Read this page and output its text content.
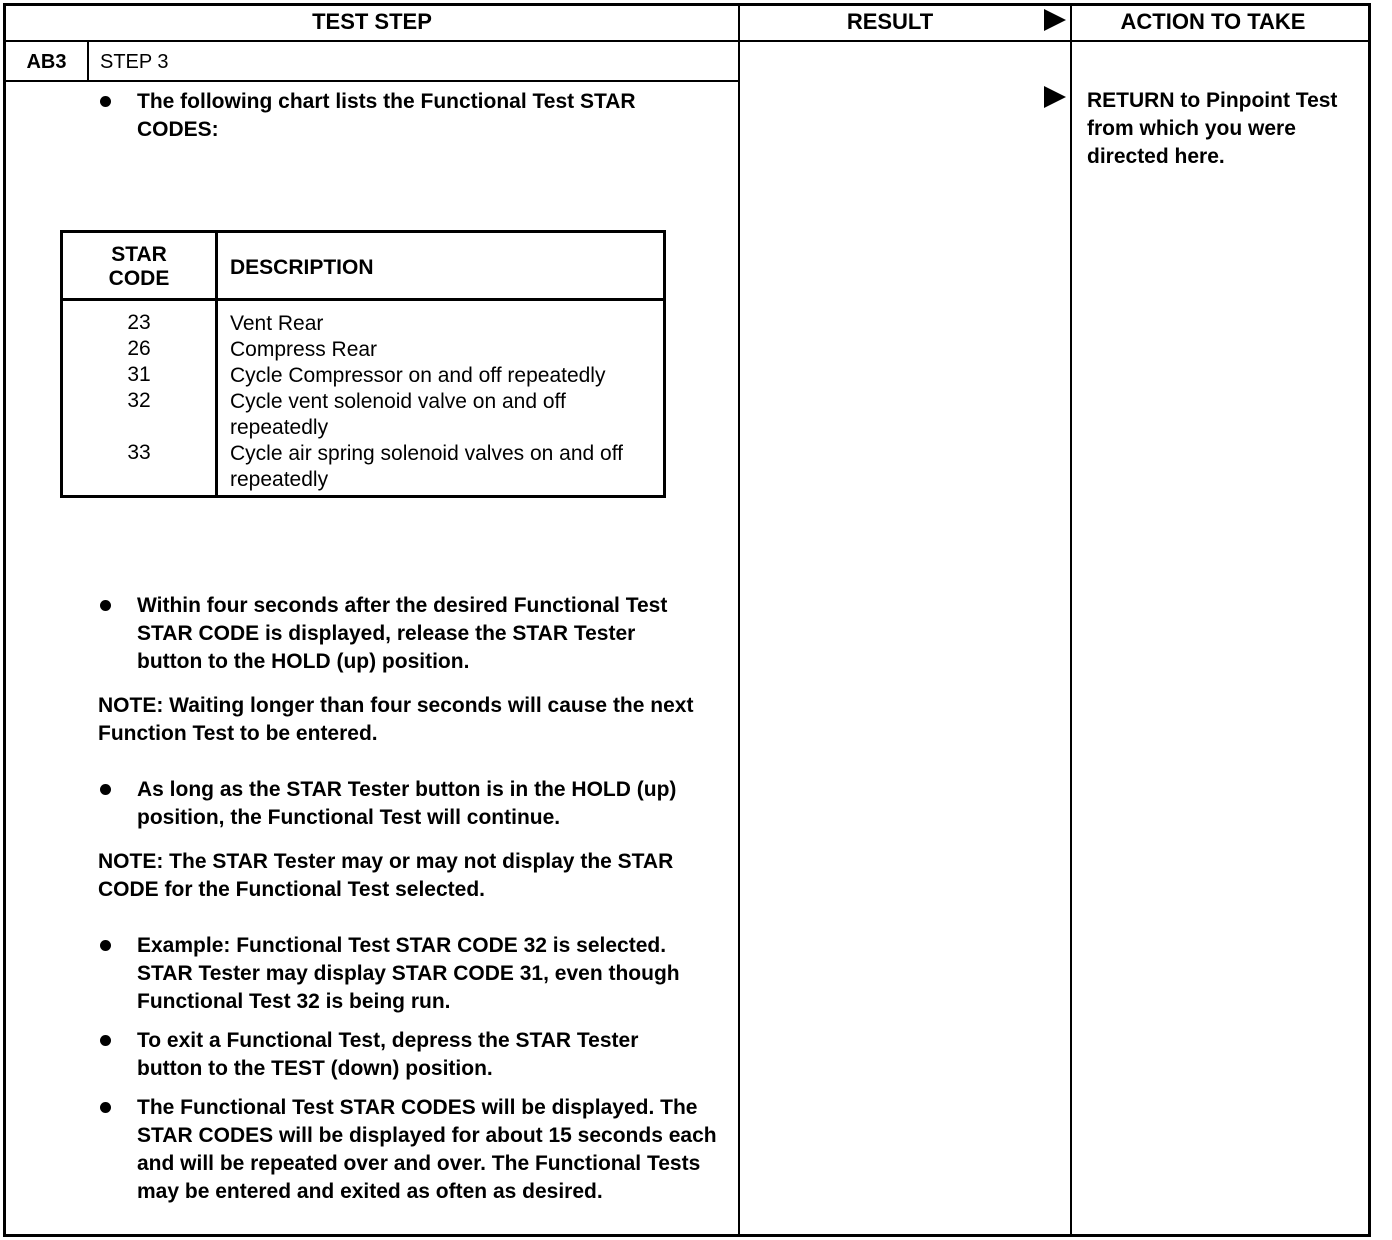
TEST STEP	RESULT	ACTION TO TAKE
AB3	STEP 3
The following chart lists the Functional Test STAR CODES:
STAR
CODE	DESCRIPTION
23	Vent Rear
26	Compress Rear
31	Cycle Compressor on and off repeatedly
32	Cycle vent solenoid valve on and off repeatedly
33	Cycle air spring solenoid valves on and off repeatedly
Within four seconds after the desired Functional Test STAR CODE is displayed, release the STAR Tester button to the HOLD (up) position.
NOTE: Waiting longer than four seconds will cause the next Function Test to be entered.
As long as the STAR Tester button is in the HOLD (up) position, the Functional Test will continue.
NOTE: The STAR Tester may or may not display the STAR CODE for the Functional Test selected.
Example: Functional Test STAR CODE 32 is selected. STAR Tester may display STAR CODE 31, even though Functional Test 32 is being run.
To exit a Functional Test, depress the STAR Tester button to the TEST (down) position.
The Functional Test STAR CODES will be displayed. The STAR CODES will be displayed for about 15 seconds each and will be repeated over and over. The Functional Tests may be entered and exited as often as desired.
RETURN to Pinpoint Test from which you were directed here.
